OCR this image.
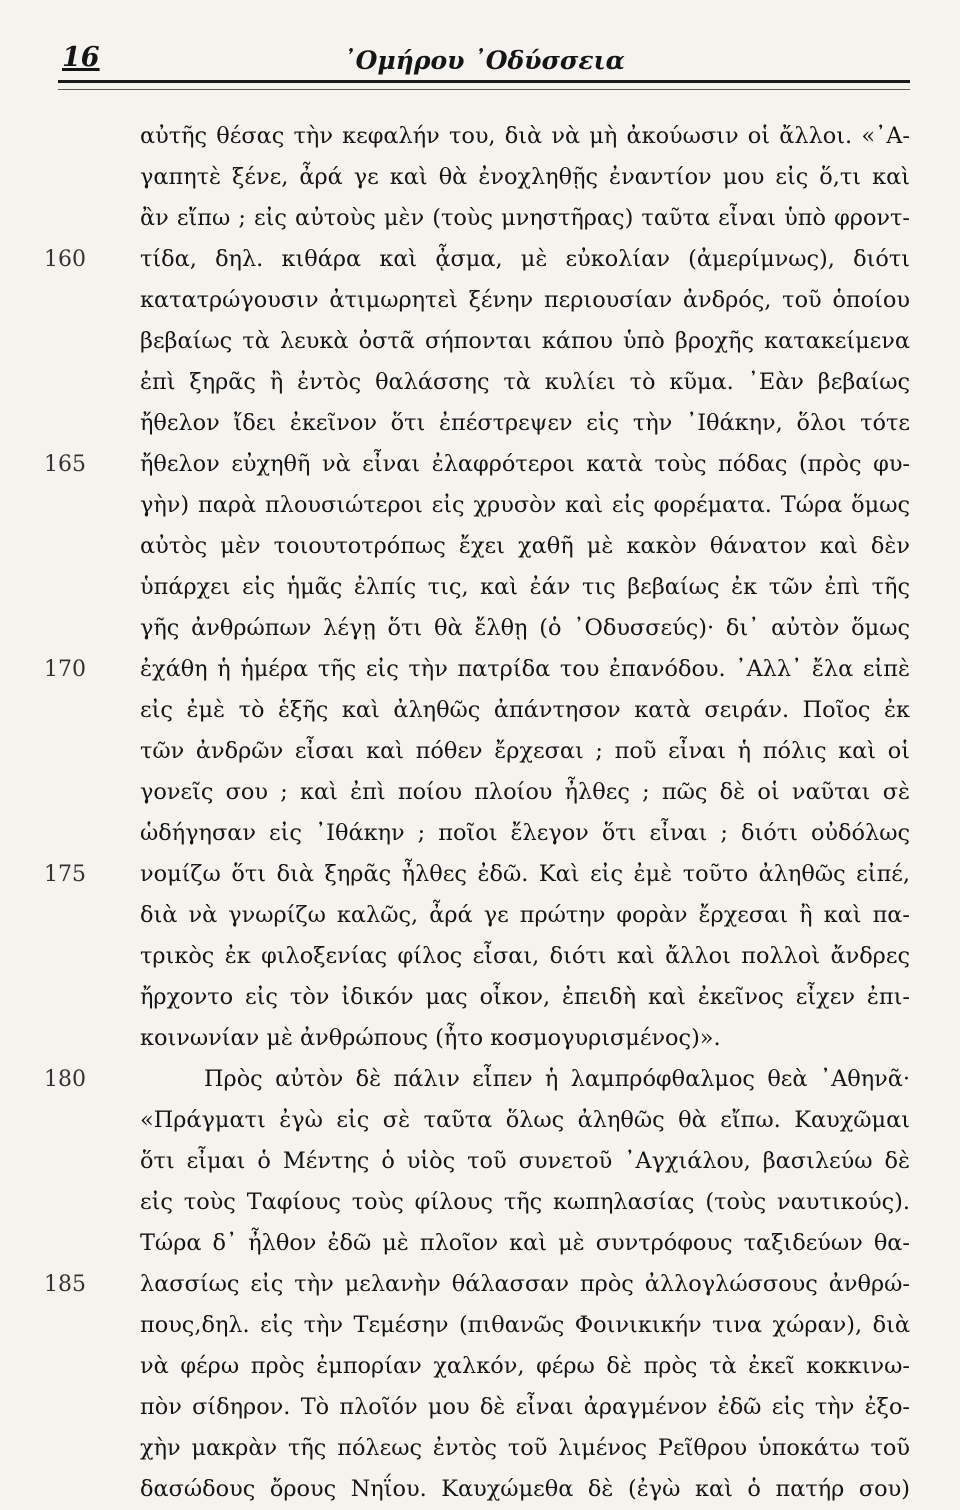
16	᾿Ομήρου ᾿Οδύσσεια
160
165
170
175
180
185
αὐτῆς θέσας τὴν κεφαλήν του, διὰ νὰ μὴ ἀκούωσιν οἱ ἄλλοι. «᾿Α-
γαπητὲ ξένε, ἆρά γε καὶ θὰ ἐνοχληθῇς ἐναντίον μου εἰς ὅ,τι καὶ
ἂν εἴπω ; εἰς αὐτοὺς μὲν (τοὺς μνηστῆρας) ταῦτα εἶναι ὑπὸ φροντ-
τίδα, δηλ. κιθάρα καὶ ᾆσμα, μὲ εὐκολίαν (ἀμερίμνως), διότι
κατατρώγουσιν ἀτιμωρητεὶ ξένην περιουσίαν ἀνδρός, τοῦ ὁποίου
βεβαίως τὰ λευκὰ ὀστᾶ σήπονται κάπου ὑπὸ βροχῆς κατακείμενα
ἐπὶ ξηρᾶς ἢ ἐντὸς θαλάσσης τὰ κυλίει τὸ κῦμα. ᾿Εὰν βεβαίως
ἤθελον ἴδει ἐκεῖνον ὅτι ἐπέστρεψεν εἰς τὴν ᾿Ιθάκην, ὅλοι τότε
ἤθελον εὐχηθῆ νὰ εἶναι ἐλαφρότεροι κατὰ τοὺς πόδας (πρὸς φυ-
γὴν) παρὰ πλουσιώτεροι εἰς χρυσὸν καὶ εἰς φορέματα. Τώρα ὅμως
αὐτὸς μὲν τοιουτοτρόπως ἔχει χαθῆ μὲ κακὸν θάνατον καὶ δὲν
ὑπάρχει εἰς ἡμᾶς ἐλπίς τις, καὶ ἐάν τις βεβαίως ἐκ τῶν ἐπὶ τῆς
γῆς ἀνθρώπων λέγῃ ὅτι θὰ ἔλθῃ (ὁ ᾿Οδυσσεύς)· δι᾿ αὐτὸν ὅμως
ἐχάθη ἡ ἡμέρα τῆς εἰς τὴν πατρίδα του ἐπανόδου. ᾿Αλλ᾿ ἔλα εἰπὲ
εἰς ἐμὲ τὸ ἑξῆς καὶ ἀληθῶς ἀπάντησον κατὰ σειράν. Ποῖος ἐκ
τῶν ἀνδρῶν εἶσαι καὶ πόθεν ἔρχεσαι ; ποῦ εἶναι ἡ πόλις καὶ οἱ
γονεῖς σου ; καὶ ἐπὶ ποίου πλοίου ἦλθες ; πῶς δὲ οἱ ναῦται σὲ
ὡδήγησαν εἰς ᾿Ιθάκην ; ποῖοι ἔλεγον ὅτι εἶναι ; διότι οὐδόλως
νομίζω ὅτι διὰ ξηρᾶς ἦλθες ἐδῶ. Καὶ εἰς ἐμὲ τοῦτο ἀληθῶς εἰπέ,
διὰ νὰ γνωρίζω καλῶς, ἆρά γε πρώτην φορὰν ἔρχεσαι ἢ καὶ πα-
τρικὸς ἐκ φιλοξενίας φίλος εἶσαι, διότι καὶ ἄλλοι πολλοὶ ἄνδρες
ἤρχοντο εἰς τὸν ἰδικόν μας οἶκον, ἐπειδὴ καὶ ἐκεῖνος εἶχεν ἐπι-
κοινωνίαν μὲ ἀνθρώπους (ἦτο κοσμογυρισμένος)».
Πρὸς αὐτὸν δὲ πάλιν εἶπεν ἡ λαμπρόφθαλμος θεὰ ᾿Αθηνᾶ·
«Πράγματι ἐγὼ εἰς σὲ ταῦτα ὅλως ἀληθῶς θὰ εἴπω. Καυχῶμαι
ὅτι εἶμαι ὁ Μέντης ὁ υἱὸς τοῦ συνετοῦ ᾿Αγχιάλου, βασιλεύω δὲ
εἰς τοὺς Ταφίους τοὺς φίλους τῆς κωπηλασίας (τοὺς ναυτικούς).
Τώρα δ᾿ ἦλθον ἐδῶ μὲ πλοῖον καὶ μὲ συντρόφους ταξιδεύων θα-
λασσίως εἰς τὴν μελανὴν θάλασσαν πρὸς ἀλλογλώσσους ἀνθρώ-
πους,δηλ. εἰς τὴν Τεμέσην (πιθανῶς Φοινικικήν τινα χώραν), διὰ
νὰ φέρω πρὸς ἐμπορίαν χαλκόν, φέρω δὲ πρὸς τὰ ἐκεῖ κοκκινω-
πὸν σίδηρον. Τὸ πλοῖόν μου δὲ εἶναι ἀραγμένον ἐδῶ εἰς τὴν ἐξο-
χὴν μακρὰν τῆς πόλεως ἐντὸς τοῦ λιμένος Ρεῖθρου ὑποκάτω τοῦ
δασώδους ὄρους Νηΐου. Καυχώμεθα δὲ (ἐγὼ καὶ ὁ πατήρ σου)
